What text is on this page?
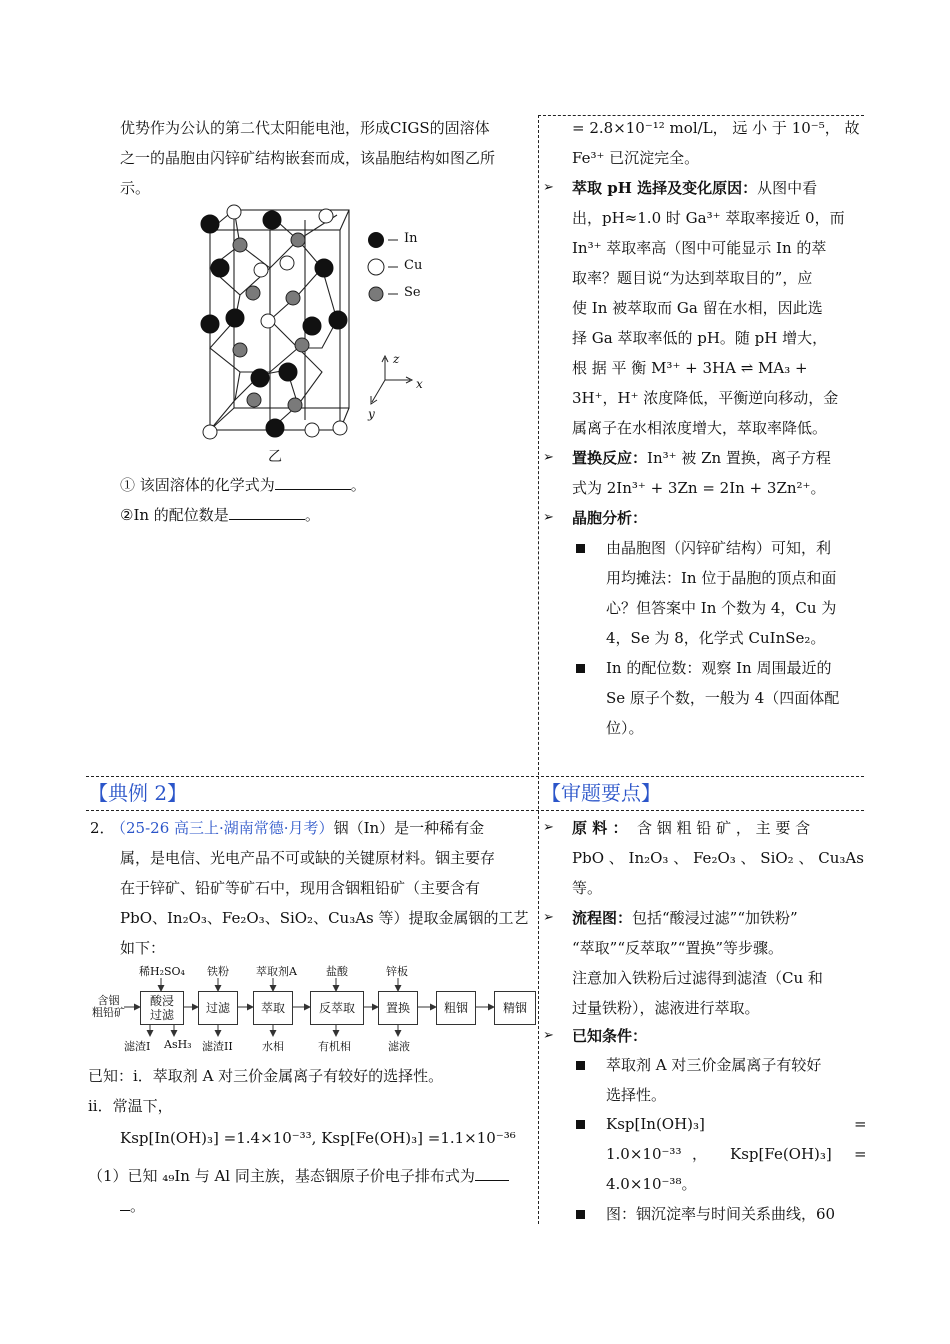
优势作为公认的第二代太阳能电池，形成CIGS的固溶体
之一的晶胞由闪锌矿结构嵌套而成，该晶胞结构如图乙所
示。
In
Cu
Se
z
x
y
乙
① 该固溶体的化学式为	。
②In 的配位数是	。
= 2.8×10⁻¹² mol/L， 远 小 于 10⁻⁵， 故
Fe³⁺ 已沉淀完全。
➢ 萃取 pH 选择及变化原因：从图中看
出，pH≈1.0 时 Ga³⁺ 萃取率接近 0，而
In³⁺ 萃取率高（图中可能显示 In 的萃
取率？题目说“为达到萃取目的”，应
使 In 被萃取而 Ga 留在水相，因此选
择 Ga 萃取率低的 pH。随 pH 增大，
根 据 平 衡 M³⁺ + 3HA ⇌ MA₃ +
3H⁺，H⁺ 浓度降低，平衡逆向移动，金
属离子在水相浓度增大，萃取率降低。
➢ 置换反应：In³⁺ 被 Zn 置换，离子方程
式为 2In³⁺ + 3Zn = 2In + 3Zn²⁺。
➢ 晶胞分析：
由晶胞图（闪锌矿结构）可知，利
用均摊法：In 位于晶胞的顶点和面
心？但答案中 In 个数为 4，Cu 为
4，Se 为 8，化学式 CuInSe₂。
In 的配位数：观察 In 周围最近的
Se 原子个数，一般为 4（四面体配
位）。
【典例 2】	【审题要点】
2．
（25-26 高三上·湖南常德·月考）铟（In）是一种稀有金
属，是电信、光电产品不可或缺的关键原材料。铟主要存
在于锌矿、铅矿等矿石中，现用含铟粗铅矿（主要含有
PbO、In₂O₃、Fe₂O₃、SiO₂、Cu₃As 等）提取金属铟的工艺
如下：
含铟
粗铅矿
酸浸
过滤	过滤	萃取	反萃取	置换	粗铟	精铟
稀H₂SO₄ 铁粉 萃取剂A	盐酸	锌板
滤渣I AsH₃ 滤渣II	水相	有机相	滤液
已知：i．萃取剂 A 对三价金属离子有较好的选择性。
ii．常温下，
Ksp[In(OH)₃] =1.4×10⁻³³, Ksp[Fe(OH)₃] =1.1×10⁻³⁶
（1）已知 ₄₉In 与 Al 同主族，基态铟原子价电子排布式为
。
➢ 原 料 ： 含 铟 粗 铅 矿 ， 主 要 含
PbO 、 In₂O₃ 、 Fe₂O₃ 、 SiO₂ 、 Cu₃As
等。
➢ 流程图：包括“酸浸过滤”“加铁粉”
“萃取”“反萃取”“置换”等步骤。
注意加入铁粉后过滤得到滤渣（Cu 和
过量铁粉），滤液进行萃取。
➢ 已知条件：
萃取剂 A 对三价金属离子有较好
选择性。
Ksp[In(OH)₃]	=
1.0×10⁻³³ ， Ksp[Fe(OH)₃] =
4.0×10⁻³⁸。
图：铟沉淀率与时间关系曲线，60
